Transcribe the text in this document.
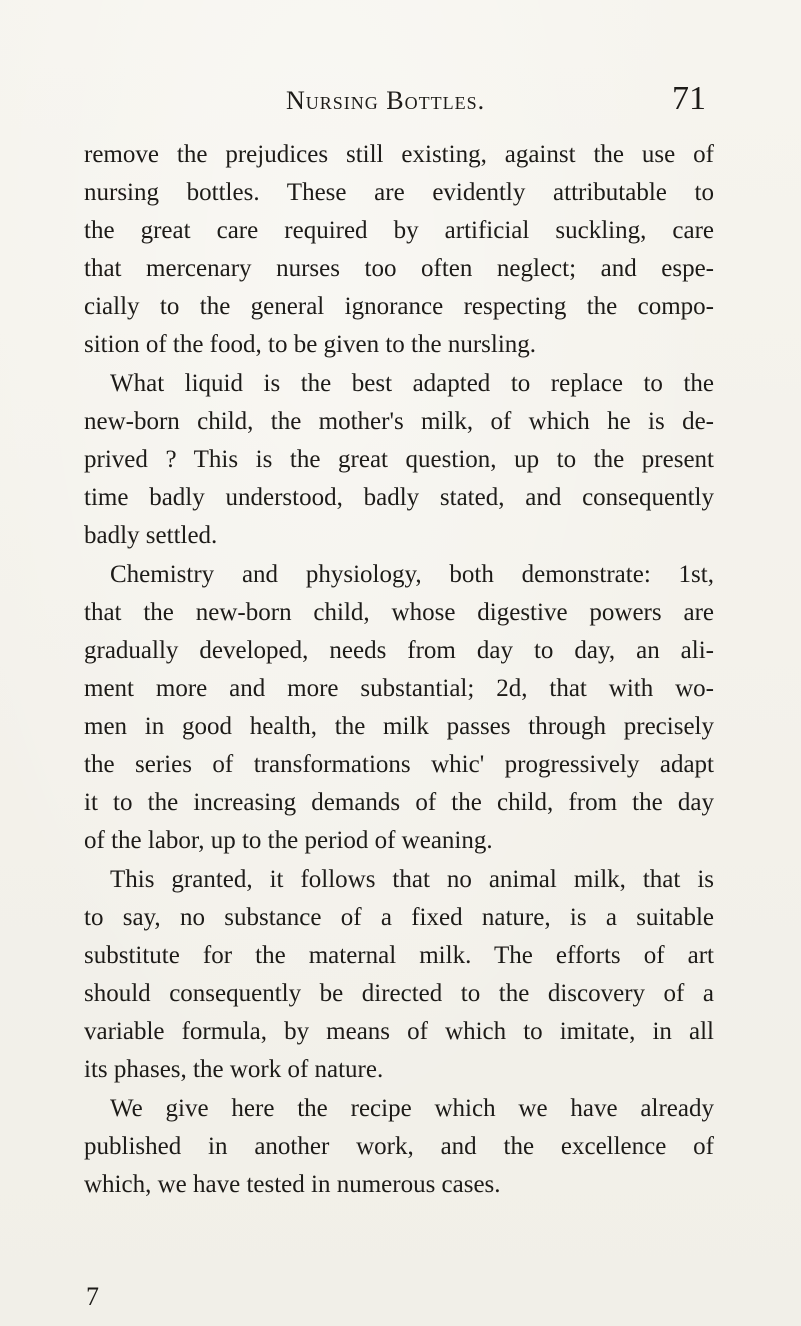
Nursing Bottles.	71
remove the prejudices still existing, against the use of
nursing bottles. These are evidently attributable to
the great care required by artificial suckling, care
that mercenary nurses too often neglect; and espe-
cially to the general ignorance respecting the compo-
sition of the food, to be given to the nursling.
What liquid is the best adapted to replace to the
new-born child, the mother's milk, of which he is de-
prived ? This is the great question, up to the present
time badly understood, badly stated, and consequently
badly settled.
Chemistry and physiology, both demonstrate: 1st,
that the new-born child, whose digestive powers are
gradually developed, needs from day to day, an ali-
ment more and more substantial; 2d, that with wo-
men in good health, the milk passes through precisely
the series of transformations whic' progressively adapt
it to the increasing demands of the child, from the day
of the labor, up to the period of weaning.
This granted, it follows that no animal milk, that is
to say, no substance of a fixed nature, is a suitable
substitute for the maternal milk. The efforts of art
should consequently be directed to the discovery of a
variable formula, by means of which to imitate, in all
its phases, the work of nature.
We give here the recipe which we have already
published in another work, and the excellence of
which, we have tested in numerous cases.
7
